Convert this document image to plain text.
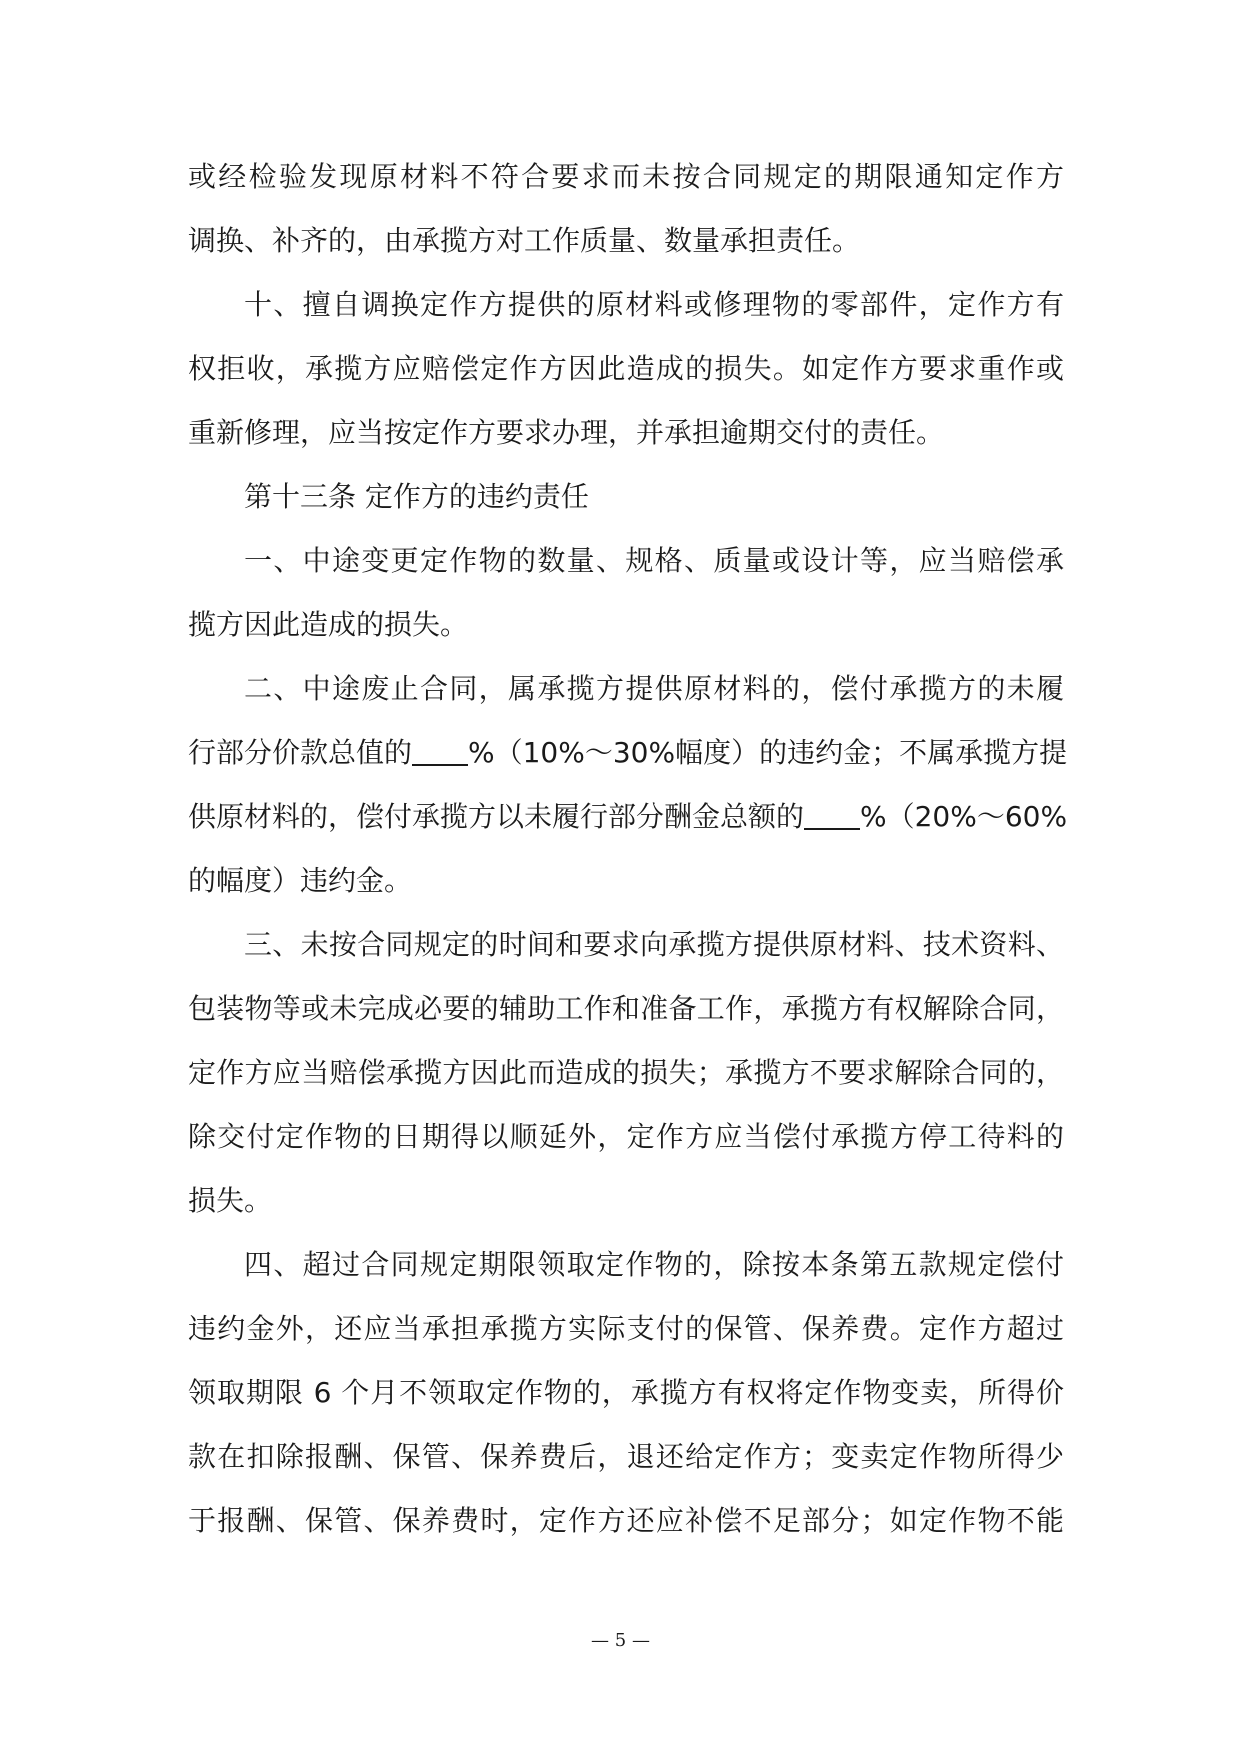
或经检验发现原材料不符合要求而未按合同规定的期限通知定作方
调换、补齐的，由承揽方对工作质量、数量承担责任。
十、擅自调换定作方提供的原材料或修理物的零部件，定作方有
权拒收，承揽方应赔偿定作方因此造成的损失。如定作方要求重作或
重新修理，应当按定作方要求办理，并承担逾期交付的责任。
第十三条 定作方的违约责任
一、中途变更定作物的数量、规格、质量或设计等，应当赔偿承
揽方因此造成的损失。
二、中途废止合同，属承揽方提供原材料的，偿付承揽方的未履
行部分价款总值的 %（10%～30%幅度）的违约金；不属承揽方提
供原材料的，偿付承揽方以未履行部分酬金总额的 %（20%～60%
的幅度）违约金。
三、未按合同规定的时间和要求向承揽方提供原材料、技术资料、
包装物等或未完成必要的辅助工作和准备工作，承揽方有权解除合同，
定作方应当赔偿承揽方因此而造成的损失；承揽方不要求解除合同的，
除交付定作物的日期得以顺延外，定作方应当偿付承揽方停工待料的
损失。
四、超过合同规定期限领取定作物的，除按本条第五款规定偿付
违约金外，还应当承担承揽方实际支付的保管、保养费。定作方超过
领取期限 6 个月不领取定作物的，承揽方有权将定作物变卖，所得价
款在扣除报酬、保管、保养费后，退还给定作方；变卖定作物所得少
于报酬、保管、保养费时，定作方还应补偿不足部分；如定作物不能
— 5 —
